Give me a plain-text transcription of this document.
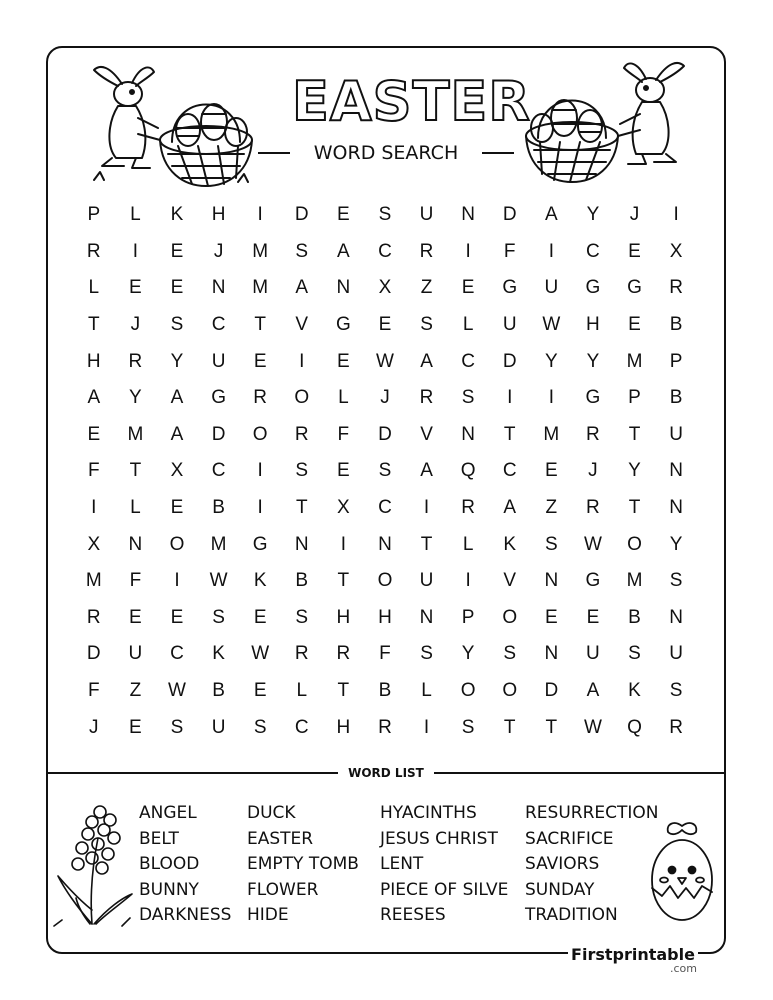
EASTER
WORD SEARCH
P	L	K	H	I	D	E	S	U	N	D	A	Y	J	I
R	I	E	J	M	S	A	C	R	I	F	I	C	E	X
L	E	E	N	M	A	N	X	Z	E	G	U	G	G	R
T	J	S	C	T	V	G	E	S	L	U	W	H	E	B
H	R	Y	U	E	I	E	W	A	C	D	Y	Y	M	P
A	Y	A	G	R	O	L	J	R	S	I	I	G	P	B
E	M	A	D	O	R	F	D	V	N	T	M	R	T	U
F	T	X	C	I	S	E	S	A	Q	C	E	J	Y	N
I	L	E	B	I	T	X	C	I	R	A	Z	R	T	N
X	N	O	M	G	N	I	N	T	L	K	S	W	O	Y
M	F	I	W	K	B	T	O	U	I	V	N	G	M	S
R	E	E	S	E	S	H	H	N	P	O	E	E	B	N
D	U	C	K	W	R	R	F	S	Y	S	N	U	S	U
F	Z	W	B	E	L	T	B	L	O	O	D	A	K	S
J	E	S	U	S	C	H	R	I	S	T	T	W	Q	R
WORD LIST
ANGEL
BELT
BLOOD
BUNNY
DARKNESS
DUCK
EASTER
EMPTY TOMB
FLOWER
HIDE
HYACINTHS
JESUS CHRIST
LENT
PIECE OF SILVE
REESES
RESURRECTION
SACRIFICE
SAVIORS
SUNDAY
TRADITION
Firstprintable
.com
